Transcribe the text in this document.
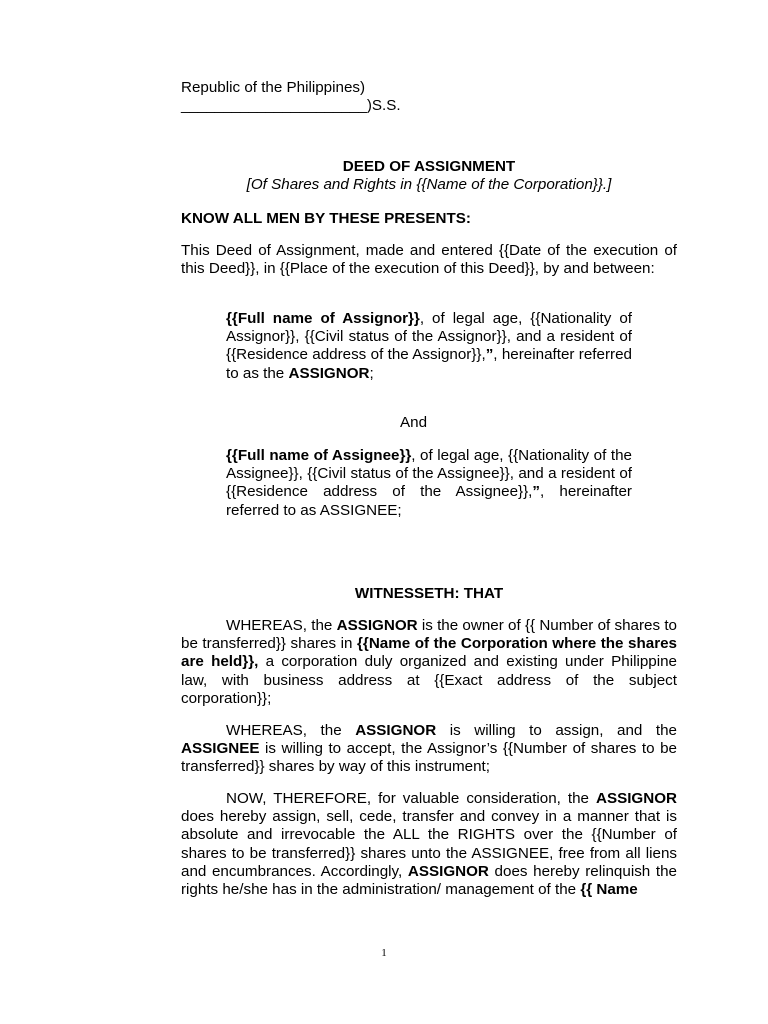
Republic of the Philippines)
______________________)S.S.
DEED OF ASSIGNMENT
[Of Shares and Rights in {{Name of the Corporation}}.]
KNOW ALL MEN BY THESE PRESENTS:
This Deed of Assignment, made and entered {{Date of the execution of this Deed}}, in {{Place of the execution of this Deed}}, by and between:
{{Full name of Assignor}}, of legal age, {{Nationality of Assignor}}, {{Civil status of the Assignor}}, and a resident of {{Residence address of the Assignor}},”, hereinafter referred to as the ASSIGNOR;
And
{{Full name of Assignee}}, of legal age, {{Nationality of the Assignee}}, {{Civil status of the Assignee}}, and a resident of {{Residence address of the Assignee}},”, hereinafter referred to as ASSIGNEE;
WITNESSETH: THAT
WHEREAS, the ASSIGNOR is the owner of {{ Number of shares to be transferred}} shares in {{Name of the Corporation where the shares are held}}, a corporation duly organized and existing under Philippine law, with business address at {{Exact address of the subject corporation}};
WHEREAS, the ASSIGNOR is willing to assign, and the ASSIGNEE is willing to accept, the Assignor’s {{Number of shares to be transferred}} shares by way of this instrument;
NOW, THEREFORE, for valuable consideration, the ASSIGNOR does hereby assign, sell, cede, transfer and convey in a manner that is absolute and irrevocable the ALL the RIGHTS over the {{Number of shares to be transferred}} shares unto the ASSIGNEE, free from all liens and encumbrances. Accordingly, ASSIGNOR does hereby relinquish the rights he/she has in the administration/ management of the {{ Name
1
